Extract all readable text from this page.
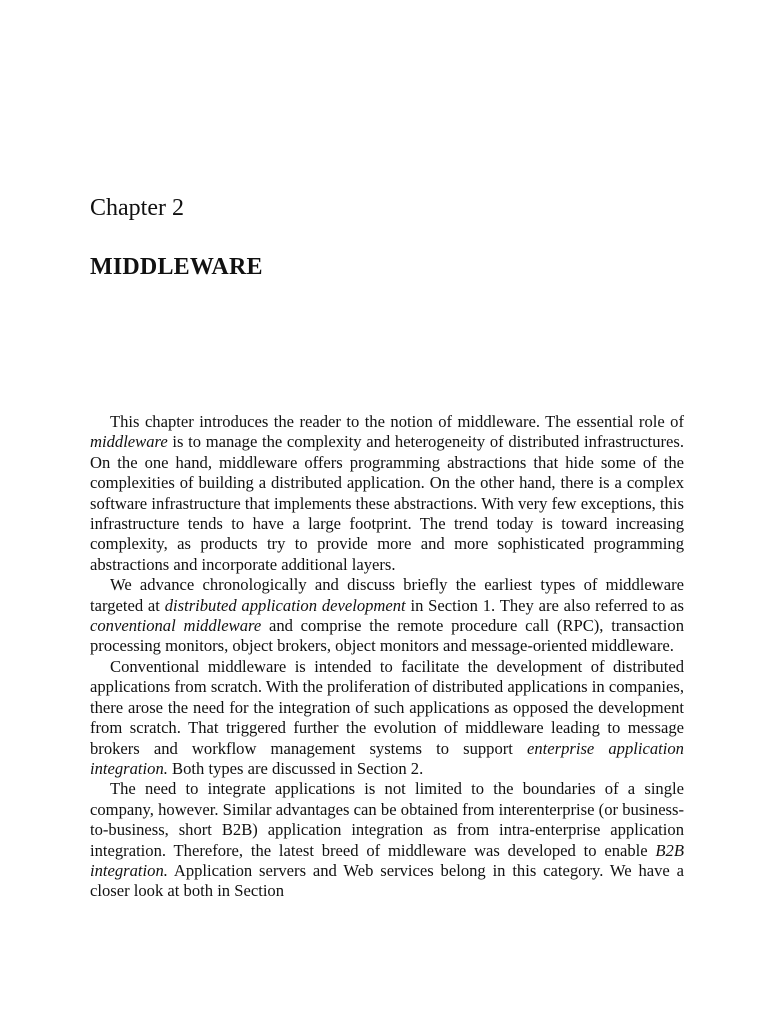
Chapter 2
MIDDLEWARE

This chapter introduces the reader to the notion of middleware. The essential role of middleware is to manage the complexity and heterogeneity of distributed infrastructures. On the one hand, middleware offers programming abstractions that hide some of the complexities of building a distributed application. On the other hand, there is a complex software infrastructure that implements these abstractions. With very few exceptions, this infrastructure tends to have a large footprint. The trend today is toward increasing complexity, as products try to provide more and more sophisticated programming abstractions and incorporate additional layers.

We advance chronologically and discuss briefly the earliest types of middleware targeted at distributed application development in Section 1. They are also referred to as conventional middleware and comprise the remote procedure call (RPC), transaction processing monitors, object brokers, object monitors and message-oriented middleware.

Conventional middleware is intended to facilitate the development of distributed applications from scratch. With the proliferation of distributed applications in companies, there arose the need for the integration of such applications as opposed the development from scratch. That triggered further the evolution of middleware leading to message brokers and workflow management systems to support enterprise application integration. Both types are discussed in Section 2.

The need to integrate applications is not limited to the boundaries of a single company, however. Similar advantages can be obtained from interenterprise (or business-to-business, short B2B) application integration as from intra-enterprise application integration. Therefore, the latest breed of middleware was developed to enable B2B integration. Application servers and Web services belong in this category. We have a closer look at both in Section
